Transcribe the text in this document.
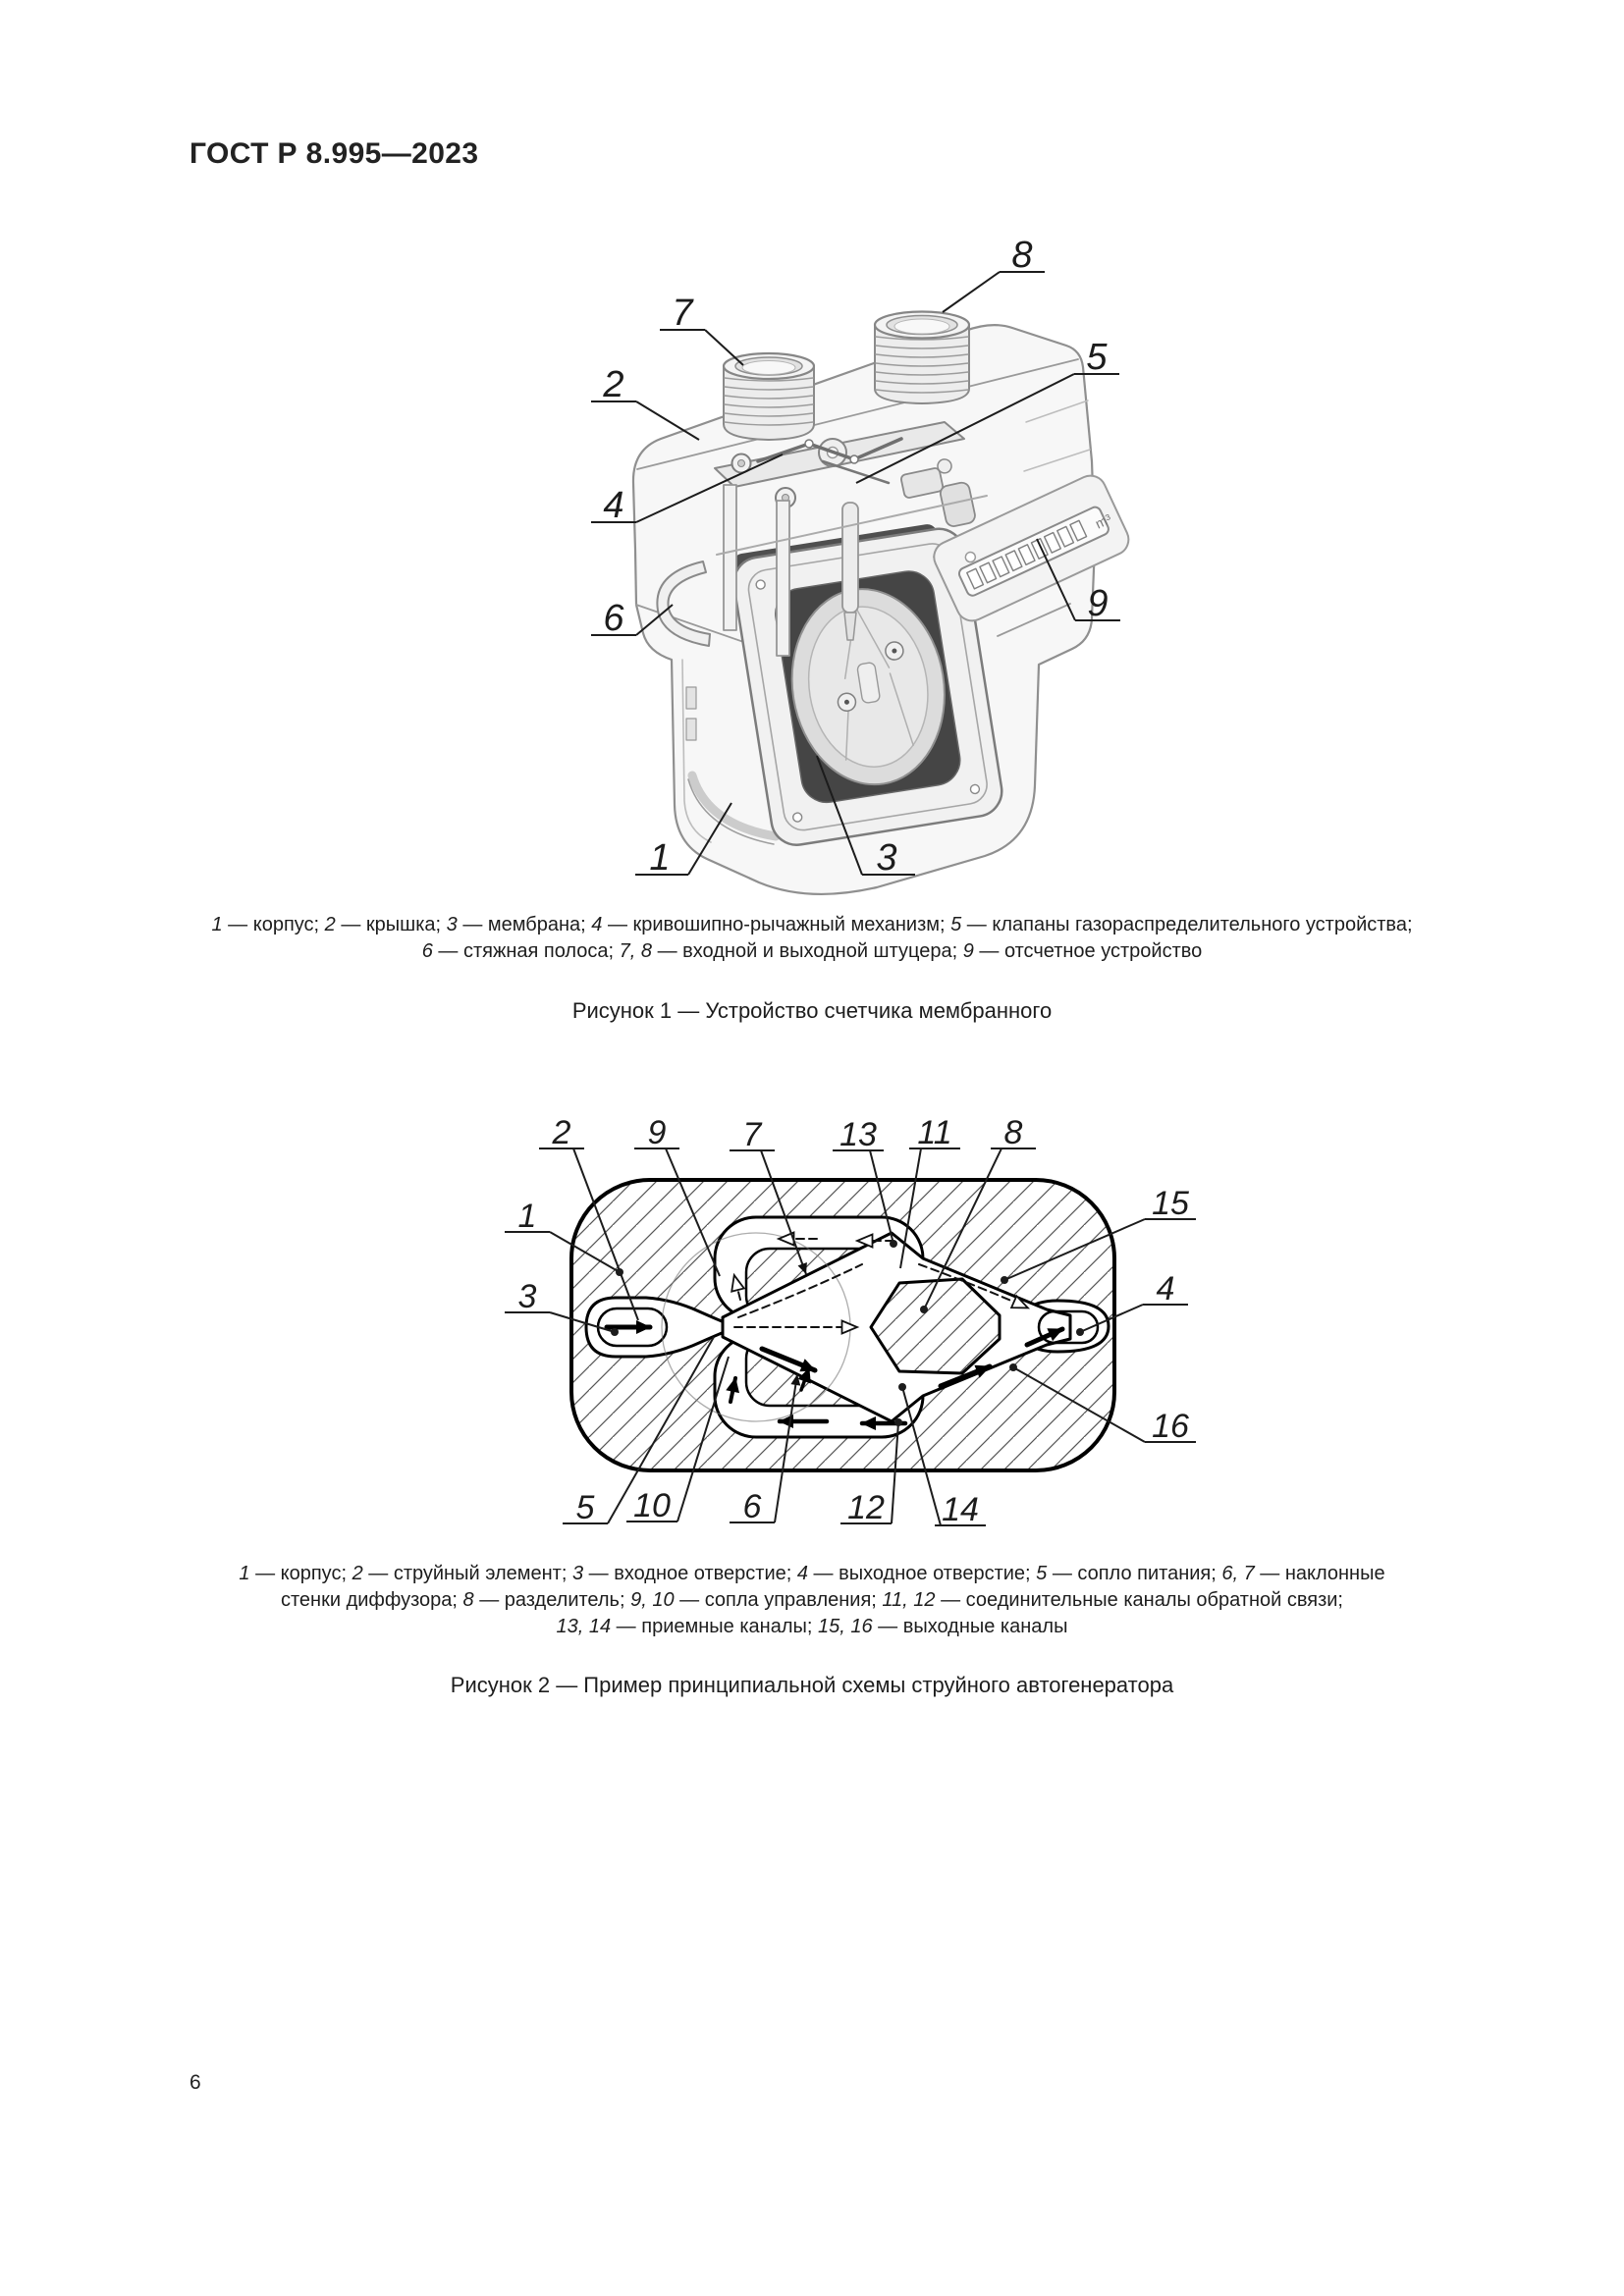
ГОСТ Р 8.995—2023
m³
7
8
2
5
4
6	9
1	3
1 — корпус; 2 — крышка; 3 — мембрана; 4 — кривошипно-рычажный механизм; 5 — клапаны газораспределительного устройства;
6 — стяжная полоса; 7, 8 — входной и выходной штуцера; 9 — отсчетное устройство
Рисунок 1 — Устройство счетчика мембранного
2 9 7 13 11 8
1	15
3	4
16
5 10 6	12 14
1 — корпус; 2 — струйный элемент; 3 — входное отверстие; 4 — выходное отверстие; 5 — сопло питания; 6, 7 — наклонные
стенки диффузора; 8 — разделитель; 9, 10 — сопла управления; 11, 12 — соединительные каналы обратной связи;
13, 14 — приемные каналы; 15, 16 — выходные каналы
Рисунок 2 — Пример принципиальной схемы струйного автогенератора
6
